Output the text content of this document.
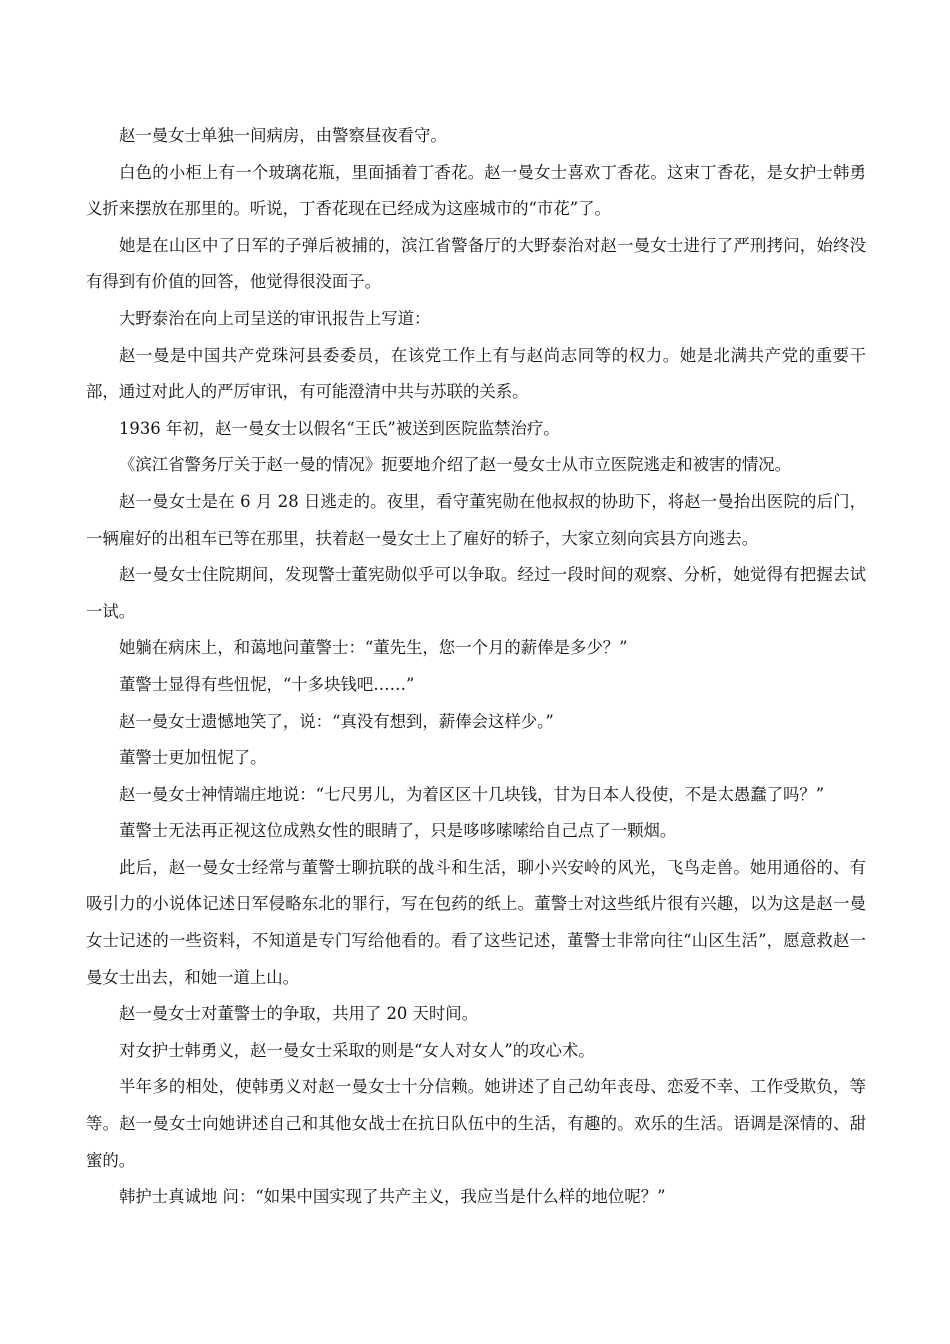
赵一曼女士单独一间病房，由警察昼夜看守。

白色的小柜上有一个玻璃花瓶，里面插着丁香花。赵一曼女士喜欢丁香花。这束丁香花，是女护士韩勇义折来摆放在那里的。听说，丁香花现在已经成为这座城市的“市花”了。

她是在山区中了日军的子弹后被捕的，滨江省警备厅的大野泰治对赵一曼女士进行了严刑拷问，始终没有得到有价值的回答，他觉得很没面子。

大野泰治在向上司呈送的审讯报告上写道：

赵一曼是中国共产党珠河县委委员，在该党工作上有与赵尚志同等的权力。她是北满共产党的重要干部，通过对此人的严厉审讯，有可能澄清中共与苏联的关系。

1936 年初，赵一曼女士以假名“王氏”被送到医院监禁治疗。

《滨江省警务厅关于赵一曼的情况》扼要地介绍了赵一曼女士从市立医院逃走和被害的情况。

赵一曼女士是在 6 月 28 日逃走的。夜里，看守董宪勋在他叔叔的协助下，将赵一曼抬出医院的后门，一辆雇好的出租车已等在那里，扶着赵一曼女士上了雇好的轿子，大家立刻向宾县方向逃去。

赵一曼女士住院期间，发现警士董宪勋似乎可以争取。经过一段时间的观察、分析，她觉得有把握去试一试。

她躺在病床上，和蔼地问董警士：“董先生，您一个月的薪俸是多少？”

董警士显得有些忸怩，“十多块钱吧……”

赵一曼女士遗憾地笑了，说：“真没有想到，薪俸会这样少。”

董警士更加忸怩了。

赵一曼女士神情端庄地说：“七尺男儿，为着区区十几块钱，甘为日本人役使，不是太愚蠢了吗？”

董警士无法再正视这位成熟女性的眼睛了，只是哆哆嗦嗦给自己点了一颗烟。

此后，赵一曼女士经常与董警士聊抗联的战斗和生活，聊小兴安岭的风光，飞鸟走兽。她用通俗的、有吸引力的小说体记述日军侵略东北的罪行，写在包药的纸上。董警士对这些纸片很有兴趣，以为这是赵一曼女士记述的一些资料，不知道是专门写给他看的。看了这些记述，董警士非常向往“山区生活”，愿意救赵一曼女士出去，和她一道上山。

赵一曼女士对董警士的争取，共用了 20 天时间。

对女护士韩勇义，赵一曼女士采取的则是“女人对女人”的攻心术。

半年多的相处，使韩勇义对赵一曼女士十分信赖。她讲述了自己幼年丧母、恋爱不幸、工作受欺负，等等。赵一曼女士向她讲述自己和其他女战士在抗日队伍中的生活，有趣的。欢乐的生活。语调是深情的、甜蜜的。

韩护士真诚地 问：“如果中国实现了共产主义，我应当是什么样的地位呢？”
